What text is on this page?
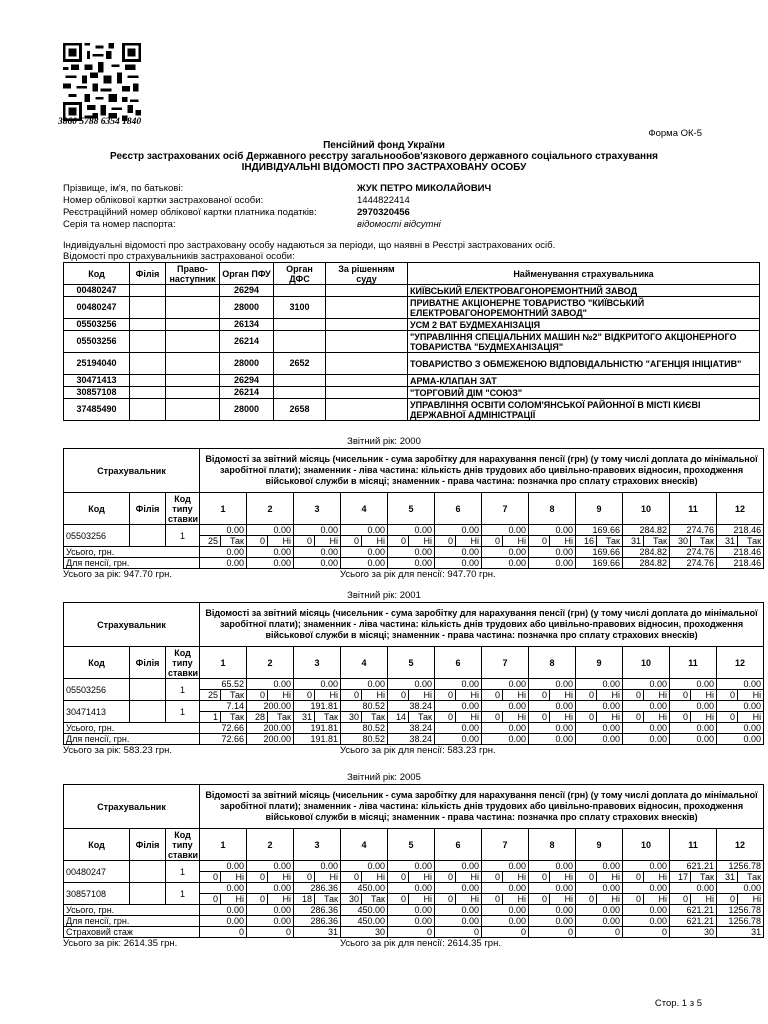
3860 5788 6354 1840
Форма ОК-5
Пенсійний фонд України
Реєстр застрахованих осіб Державного реєстру загальнообов'язкового державного соціального страхування
ІНДИВІДУАЛЬНІ ВІДОМОСТІ ПРО ЗАСТРАХОВАНУ ОСОБУ
Прізвище, ім'я, по батькові:	ЖУК ПЕТРО МИКОЛАЙОВИЧ
Номер облікової картки застрахованої особи:	1444822414
Реєстраційний номер облікової картки платника податків:	2970320456
Серія та номер паспорта:	відомості відсутні
Індивідуальні відомості про застраховану особу надаються за періоди, що наявні в Реєстрі застрахованих осіб.
Відомості про страхувальників застрахованої особи:
Код	Філія	Право-наступник	Орган ПФУ	Орган ДФС	За рішенням суду	Найменування страхувальника
00480247			26294			КИЇВСЬКИЙ ЕЛЕКТРОВАГОНОРЕМОНТНИЙ ЗАВОД
00480247			28000	3100		ПРИВАТНЕ АКЦІОНЕРНЕ ТОВАРИСТВО "КИЇВСЬКИЙ ЕЛЕКТРОВАГОНОРЕМОНТНИЙ ЗАВОД"
05503256			26134			УСМ 2 ВАТ БУДМЕХАНІЗАЦІЯ
05503256			26214			"УПРАВЛІННЯ СПЕЦІАЛЬНИХ МАШИН №2" ВІДКРИТОГО АКЦІОНЕРНОГО ТОВАРИСТВА "БУДМЕХАНІЗАЦІЯ"
25194040			28000	2652		ТОВАРИСТВО З ОБМЕЖЕНОЮ ВІДПОВІДАЛЬНІСТЮ "АГЕНЦІЯ ІНІЦІАТИВ"
30471413			26294			АРМА-КЛАПАН ЗАТ
30857108			26214			"ТОРГОВИЙ ДІМ "СОЮЗ"
37485490			28000	2658		УПРАВЛІННЯ ОСВІТИ СОЛОМ'ЯНСЬКОЇ РАЙОННОЇ В МІСТІ КИЄВІ ДЕРЖАВНОЇ АДМІНІСТРАЦІЇ
Звітний рік: 2000
Страхувальник			Відомості за звітний місяць (чисельник - сума заробітку для нарахування пенсії (грн) (у тому числі доплата до мінімальної заробітної плати); знаменник - ліва частина: кількість днів трудових або цивільно-правових відносин, проходження військової служби в місяці; знаменник - права частина: позначка про сплату страхових внесків)																							
Код	Філія	Код типу ставки	1		2		3		4		5		6		7		8		9		10		11		12	
05503256		1	0.00		0.00		0.00		0.00		0.00		0.00		0.00		0.00		169.66		284.82		274.76		218.46	
			25	Так	0	Ні	0	Ні	0	Ні	0	Ні	0	Ні	0	Ні	0	Ні	16	Так	31	Так	30	Так	31	Так
Усього, грн.			0.00		0.00		0.00		0.00		0.00		0.00		0.00		0.00		169.66		284.82		274.76		218.46	
Для пенсії, грн.			0.00		0.00		0.00		0.00		0.00		0.00		0.00		0.00		169.66		284.82		274.76		218.46	
Усього за рік: 947.70 грн.	Усього за рік для пенсії: 947.70 грн.
Звітний рік: 2001
Страхувальник			Відомості за звітний місяць (чисельник - сума заробітку для нарахування пенсії (грн) (у тому числі доплата до мінімальної заробітної плати); знаменник - ліва частина: кількість днів трудових або цивільно-правових відносин, проходження військової служби в місяці; знаменник - права частина: позначка про сплату страхових внесків)																							
Код	Філія	Код типу ставки	1		2		3		4		5		6		7		8		9		10		11		12	
05503256		1	65.52		0.00		0.00		0.00		0.00		0.00		0.00		0.00		0.00		0.00		0.00		0.00	
			25	Так	0	Ні	0	Ні	0	Ні	0	Ні	0	Ні	0	Ні	0	Ні	0	Ні	0	Ні	0	Ні	0	Ні
30471413		1	7.14		200.00		191.81		80.52		38.24		0.00		0.00		0.00		0.00		0.00		0.00		0.00	
			1	Так	28	Так	31	Так	30	Так	14	Так	0	Ні	0	Ні	0	Ні	0	Ні	0	Ні	0	Ні	0	Ні
Усього, грн.			72.66		200.00		191.81		80.52		38.24		0.00		0.00		0.00		0.00		0.00		0.00		0.00	
Для пенсії, грн.			72.66		200.00		191.81		80.52		38.24		0.00		0.00		0.00		0.00		0.00		0.00		0.00	
Усього за рік: 583.23 грн.	Усього за рік для пенсії: 583.23 грн.
Звітний рік: 2005
Страхувальник			Відомості за звітний місяць (чисельник - сума заробітку для нарахування пенсії (грн) (у тому числі доплата до мінімальної заробітної плати); знаменник - ліва частина: кількість днів трудових або цивільно-правових відносин, проходження військової служби в місяці; знаменник - права частина: позначка про сплату страхових внесків)																							
Код	Філія	Код типу ставки	1		2		3		4		5		6		7		8		9		10		11		12	
00480247		1	0.00		0.00		0.00		0.00		0.00		0.00		0.00		0.00		0.00		0.00		621.21		1256.78	
			0	Ні	0	Ні	0	Ні	0	Ні	0	Ні	0	Ні	0	Ні	0	Ні	0	Ні	0	Ні	17	Так	31	Так
30857108		1	0.00		0.00		286.36		450.00		0.00		0.00		0.00		0.00		0.00		0.00		0.00		0.00	
			0	Ні	0	Ні	18	Так	30	Так	0	Ні	0	Ні	0	Ні	0	Ні	0	Ні	0	Ні	0	Ні	0	Ні
Усього, грн.			0.00		0.00		286.36		450.00		0.00		0.00		0.00		0.00		0.00		0.00		621.21		1256.78	
Для пенсії, грн.			0.00		0.00		286.36		450.00		0.00		0.00		0.00		0.00		0.00		0.00		621.21		1256.78	
Страховий стаж			0		0		31		30		0		0		0		0		0		0		30		31	
Усього за рік: 2614.35 грн.	Усього за рік для пенсії: 2614.35 грн.
Стор. 1 з 5
